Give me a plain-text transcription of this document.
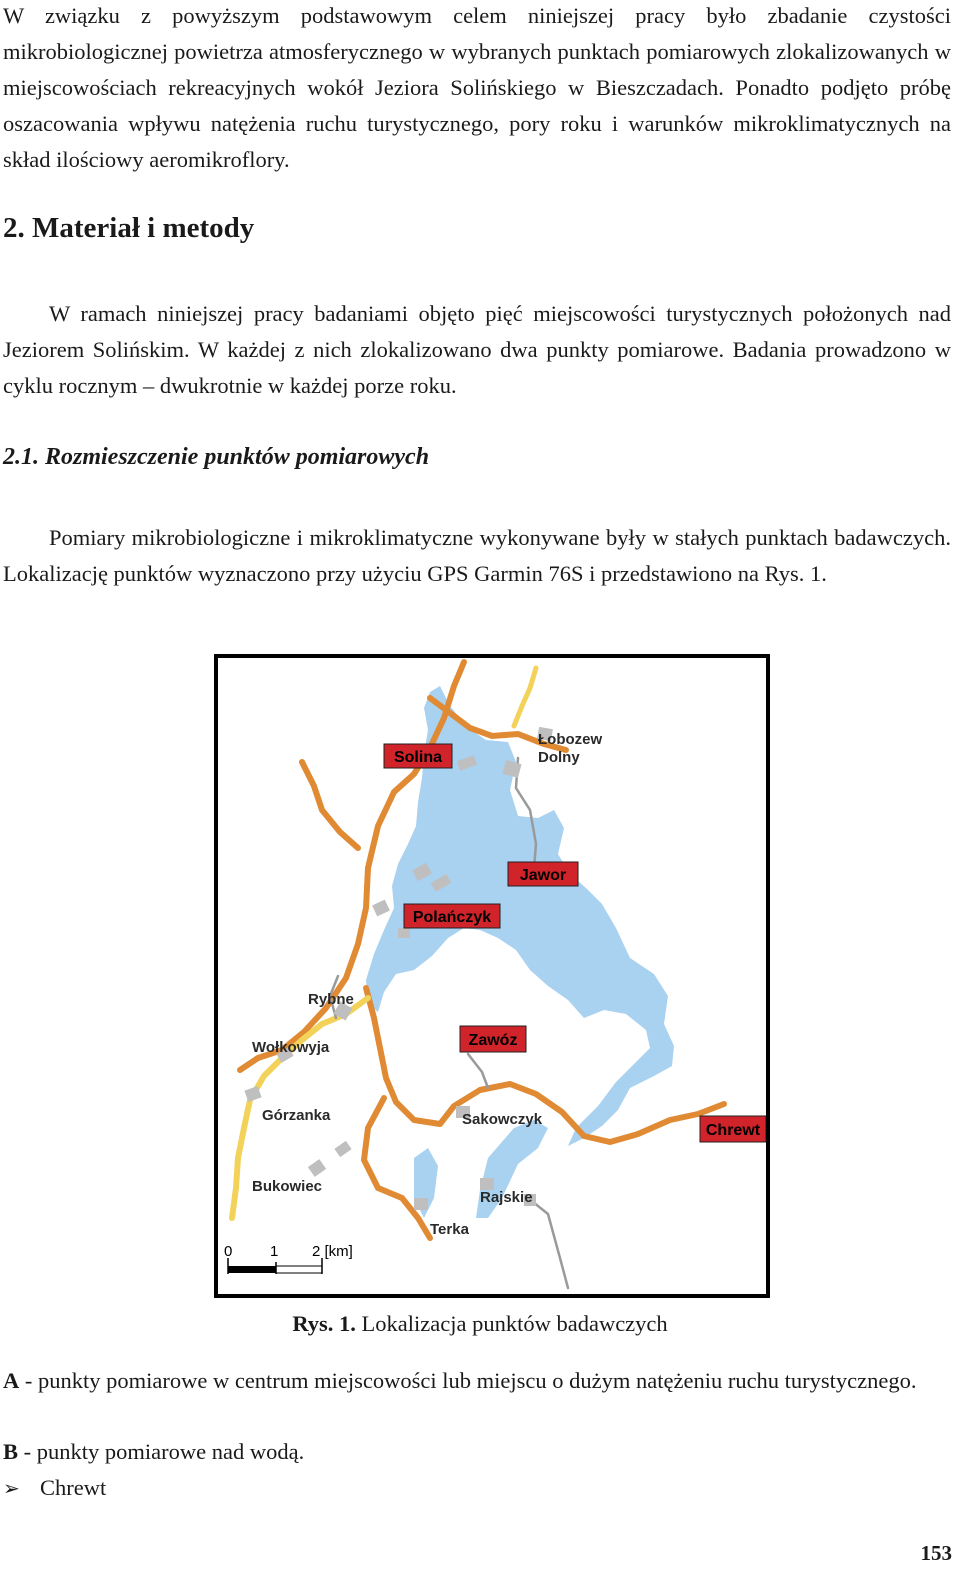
W związku z powyższym podstawowym celem niniejszej pracy było zbadanie czystości mikrobiologicznej powietrza atmosferycznego w wybranych punktach pomiarowych zlokalizowanych w miejscowościach rekreacyjnych wokół Jeziora Solińskiego w Bieszczadach. Ponadto podjęto próbę oszacowania wpływu natężenia ruchu turystycznego, pory roku i warunków mikroklimatycznych na skład ilościowy aeromikroflory.

2. Materiał i metody

W ramach niniejszej pracy badaniami objęto pięć miejscowości turystycznych położonych nad Jeziorem Solińskim. W każdej z nich zlokalizowano dwa punkty pomiarowe. Badania prowadzono w cyklu rocznym – dwukrotnie w każdej porze roku.

2.1. Rozmieszczenie punktów pomiarowych

Pomiary mikrobiologiczne i mikroklimatyczne wykonywane były w stałych punktach badawczych. Lokalizację punktów wyznaczono przy użyciu GPS Garmin 76S i przedstawiono na Rys. 1.

Solina
Jawor
Polańczyk
Zawóz
Chrewt
Łobozew
Dolny
Rybne
Wołkowyja
Górzanka	Sakowczyk
Bukowiec
Rajskie
Terka
0	1 2 [km]

Rys. 1. Lokalizacja punktów badawczych

A - punkty pomiarowe w centrum miejscowości lub miejscu o dużym natężeniu ruchu turystycznego.

B - punkty pomiarowe nad wodą.

➢ Chrewt

153
